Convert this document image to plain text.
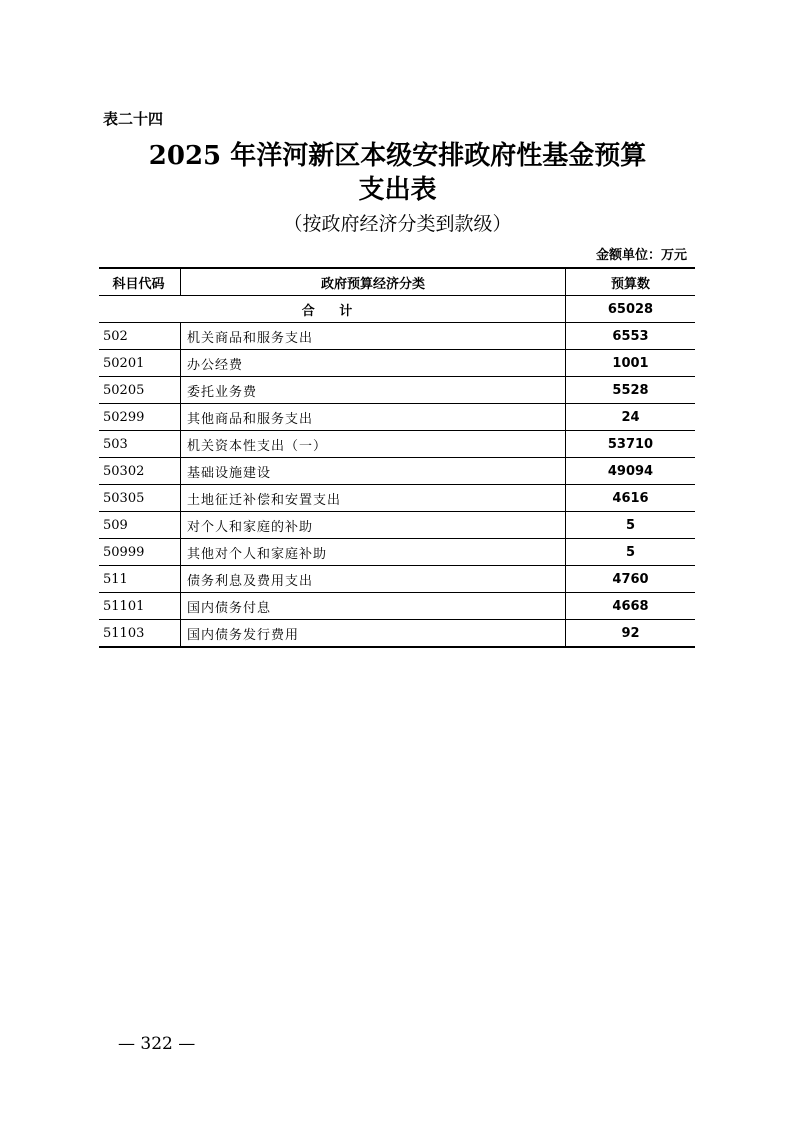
表二十四
2025 年洋河新区本级安排政府性基金预算
支出表
（按政府经济分类到款级）
金额单位：万元
科目代码	政府预算经济分类	预算数
合 计		65028
502	机关商品和服务支出	6553
50201	办公经费	1001
50205	委托业务费	5528
50299	其他商品和服务支出	24
503	机关资本性支出（一）	53710
50302	基础设施建设	49094
50305	土地征迁补偿和安置支出	4616
509	对个人和家庭的补助	5
50999	其他对个人和家庭补助	5
511	债务利息及费用支出	4760
51101	国内债务付息	4668
51103	国内债务发行费用	92
— 322 —
